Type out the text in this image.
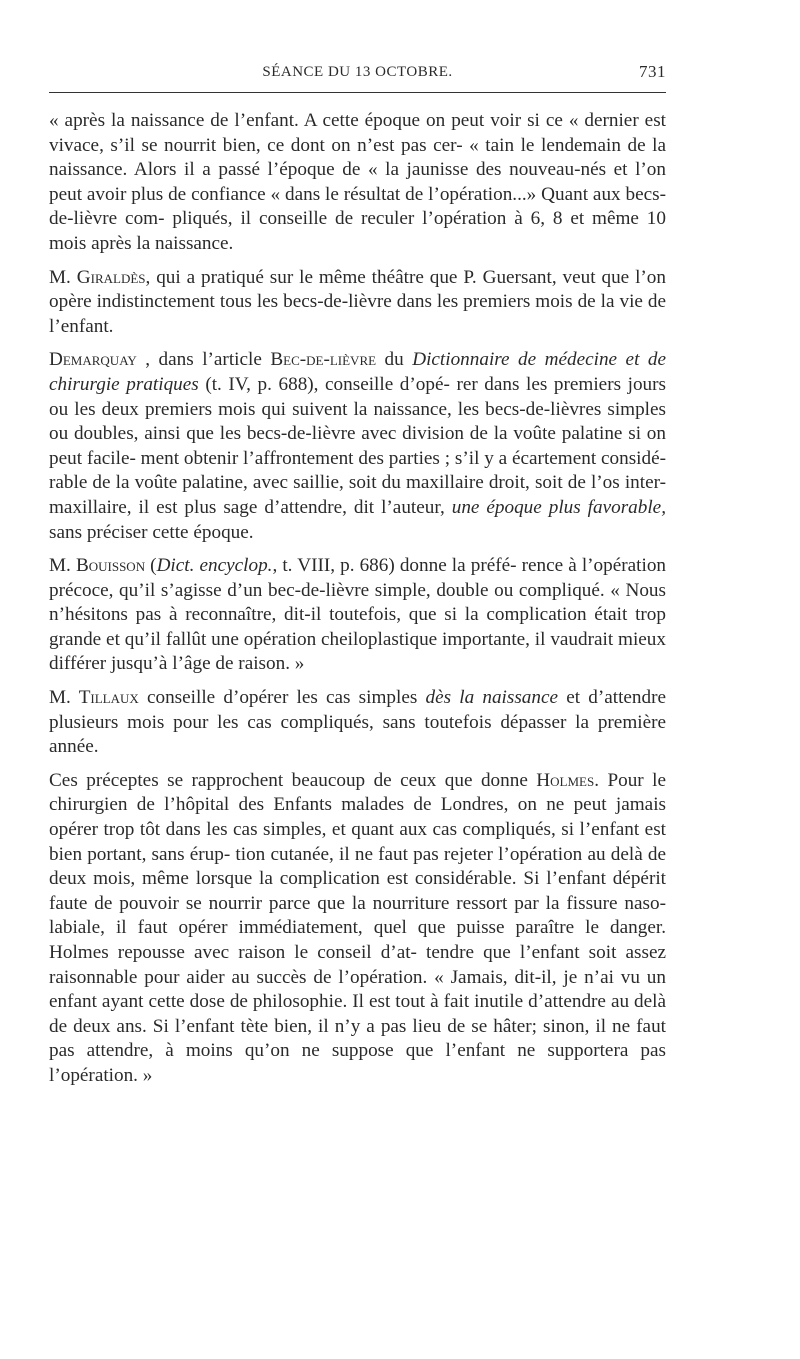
SÉANCE DU 13 OCTOBRE.	731

« après la naissance de l’enfant. A cette époque on peut voir si ce « dernier est vivace, s’il se nourrit bien, ce dont on n’est pas cer- « tain le lendemain de la naissance. Alors il a passé l’époque de « la jaunisse des nouveau-nés et l’on peut avoir plus de confiance « dans le résultat de l’opération...» Quant aux becs-de-lièvre com- pliqués, il conseille de reculer l’opération à 6, 8 et même 10 mois après la naissance.

M. Giraldès, qui a pratiqué sur le même théâtre que P. Guersant, veut que l’on opère indistinctement tous les becs-de-lièvre dans les premiers mois de la vie de l’enfant.

Demarquay , dans l’article Bec-de-lièvre du Dictionnaire de médecine et de chirurgie pratiques (t. IV, p. 688), conseille d’opé- rer dans les premiers jours ou les deux premiers mois qui suivent la naissance, les becs-de-lièvres simples ou doubles, ainsi que les becs-de-lièvre avec division de la voûte palatine si on peut facile- ment obtenir l’affrontement des parties ; s’il y a écartement considé- rable de la voûte palatine, avec saillie, soit du maxillaire droit, soit de l’os inter-maxillaire, il est plus sage d’attendre, dit l’auteur, une époque plus favorable, sans préciser cette époque.

M. Bouisson (Dict. encyclop., t. VIII, p. 686) donne la préfé- rence à l’opération précoce, qu’il s’agisse d’un bec-de-lièvre simple, double ou compliqué. « Nous n’hésitons pas à reconnaître, dit-il toutefois, que si la complication était trop grande et qu’il fallût une opération cheiloplastique importante, il vaudrait mieux différer jusqu’à l’âge de raison. »

M. Tillaux conseille d’opérer les cas simples dès la naissance et d’attendre plusieurs mois pour les cas compliqués, sans toutefois dépasser la première année.

Ces préceptes se rapprochent beaucoup de ceux que donne Holmes. Pour le chirurgien de l’hôpital des Enfants malades de Londres, on ne peut jamais opérer trop tôt dans les cas simples, et quant aux cas compliqués, si l’enfant est bien portant, sans érup- tion cutanée, il ne faut pas rejeter l’opération au delà de deux mois, même lorsque la complication est considérable. Si l’enfant dépérit faute de pouvoir se nourrir parce que la nourriture ressort par la fissure naso-labiale, il faut opérer immédiatement, quel que puisse paraître le danger. Holmes repousse avec raison le conseil d’at- tendre que l’enfant soit assez raisonnable pour aider au succès de l’opération. « Jamais, dit-il, je n’ai vu un enfant ayant cette dose de philosophie. Il est tout à fait inutile d’attendre au delà de deux ans. Si l’enfant tète bien, il n’y a pas lieu de se hâter; sinon, il ne faut pas attendre, à moins qu’on ne suppose que l’enfant ne supportera pas l’opération. »
